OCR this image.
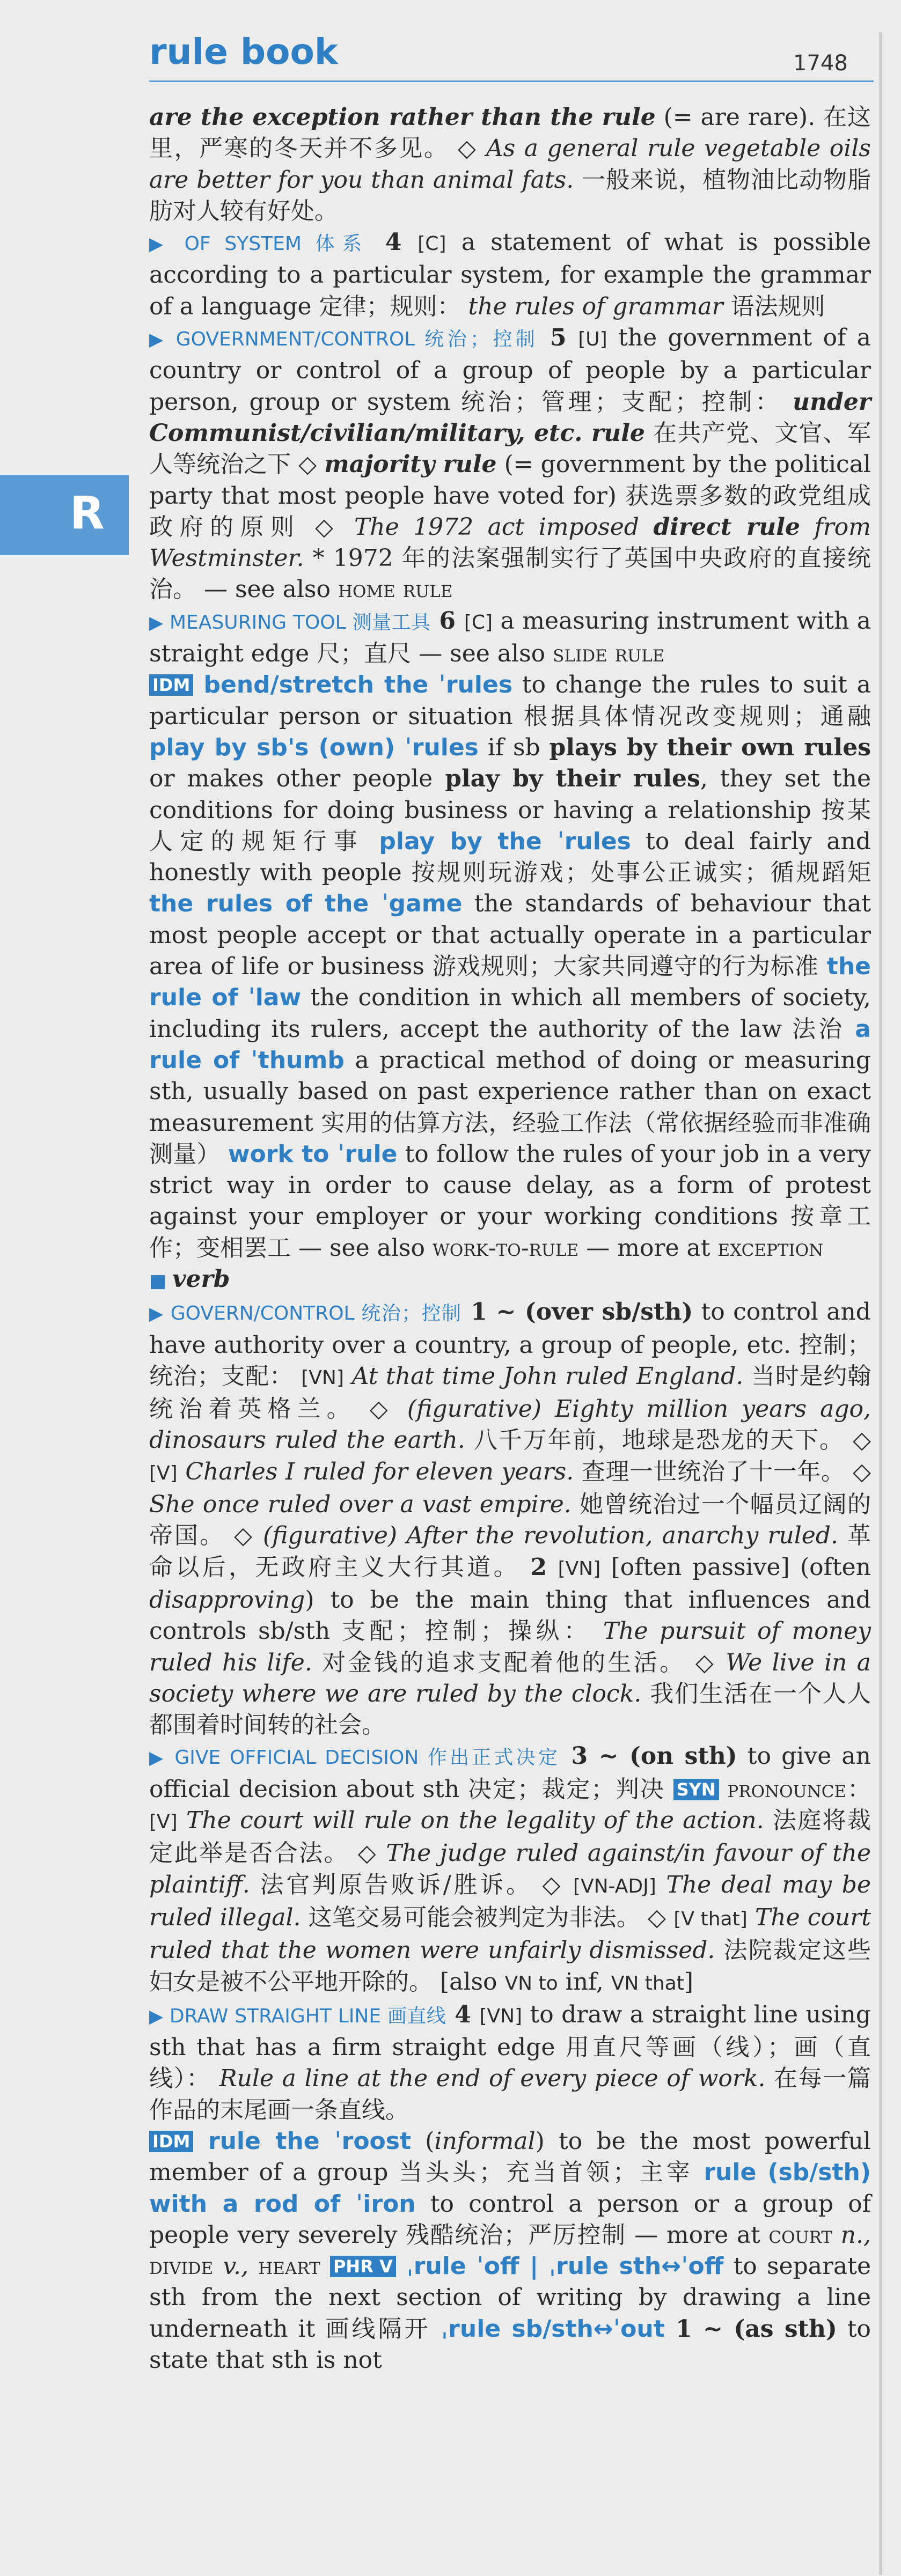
rule book	1748
R

are the exception rather than the rule (= are rare). 在这里，严寒的冬天并不多见。 ◇ As a general rule vegetable oils are better for you than animal fats. 一般来说，植物油比动物脂肪对人较有好处。

▶ OF SYSTEM 体系 4 [C] a statement of what is possible according to a particular system, for example the grammar of a language 定律；规则： the rules of grammar 语法规则

▶ GOVERNMENT/CONTROL 统治；控制 5 [U] the government of a country or control of a group of people by a particular person, group or system 统治；管理；支配；控制： under Communist/civilian/military, etc. rule 在共产党、文官、军人等统治之下 ◇ majority rule (= government by the political party that most people have voted for) 获选票多数的政党组成政府的原则 ◇ The 1972 act imposed direct rule from Westminster. * 1972 年的法案强制实行了英国中央政府的直接统治。 — see also home rule

▶ MEASURING TOOL 测量工具 6 [C] a measuring instrument with a straight edge 尺；直尺 — see also slide rule

IDM bend/stretch the ˈrules to change the rules to suit a particular person or situation 根据具体情况改变规则；通融 play by sb's (own) ˈrules if sb plays by their own rules or makes other people play by their rules, they set the conditions for doing business or having a relationship 按某人定的规矩行事 play by the ˈrules to deal fairly and honestly with people 按规则玩游戏；处事公正诚实；循规蹈矩 the rules of the ˈgame the standards of behaviour that most people accept or that actually operate in a particular area of life or business 游戏规则；大家共同遵守的行为标准 the rule of ˈlaw the condition in which all members of society, including its rulers, accept the authority of the law 法治 a rule of ˈthumb a practical method of doing or measuring sth, usually based on past experience rather than on exact measurement 实用的估算方法，经验工作法（常依据经验而非准确测量） work to ˈrule to follow the rules of your job in a very strict way in order to cause delay, as a form of protest against your employer or your working conditions 按章工作；变相罢工 — see also work-to-rule — more at exception

■ verb

▶ GOVERN/CONTROL 统治；控制 1 ~ (over sb/sth) to control and have authority over a country, a group of people, etc. 控制；统治；支配： [VN] At that time John ruled England. 当时是约翰统治着英格兰。 ◇ (figurative) Eighty million years ago, dinosaurs ruled the earth. 八千万年前，地球是恐龙的天下。 ◇ [V] Charles I ruled for eleven years. 查理一世统治了十一年。 ◇ She once ruled over a vast empire. 她曾统治过一个幅员辽阔的帝国。 ◇ (figurative) After the revolution, anarchy ruled. 革命以后，无政府主义大行其道。 2 [VN] [often passive] (often disapproving) to be the main thing that influences and controls sb/sth 支配；控制；操纵： The pursuit of money ruled his life. 对金钱的追求支配着他的生活。 ◇ We live in a society where we are ruled by the clock. 我们生活在一个人人都围着时间转的社会。

▶ GIVE OFFICIAL DECISION 作出正式决定 3 ~ (on sth) to give an official decision about sth 决定；裁定；判决 SYN pronounce： [V] The court will rule on the legality of the action. 法庭将裁定此举是否合法。 ◇ The judge ruled against/in favour of the plaintiff. 法官判原告败诉/胜诉。 ◇ [VN-ADJ] The deal may be ruled illegal. 这笔交易可能会被判定为非法。 ◇ [V that] The court ruled that the women were unfairly dismissed. 法院裁定这些妇女是被不公平地开除的。 [also VN to inf, VN that]

▶ DRAW STRAIGHT LINE 画直线 4 [VN] to draw a straight line using sth that has a firm straight edge 用直尺等画（线）；画（直线）： Rule a line at the end of every piece of work. 在每一篇作品的末尾画一条直线。

IDM rule the ˈroost (informal) to be the most powerful member of a group 当头头；充当首领；主宰 rule (sb/sth) with a rod of ˈiron to control a person or a group of people very severely 残酷统治；严厉控制 — more at court n., divide v., heart PHR V ˌrule ˈoff | ˌrule sth↔ˈoff to separate sth from the next section of writing by drawing a line underneath it 画线隔开 ˌrule sb/sth↔ˈout 1 ~ (as sth) to state that sth is not
